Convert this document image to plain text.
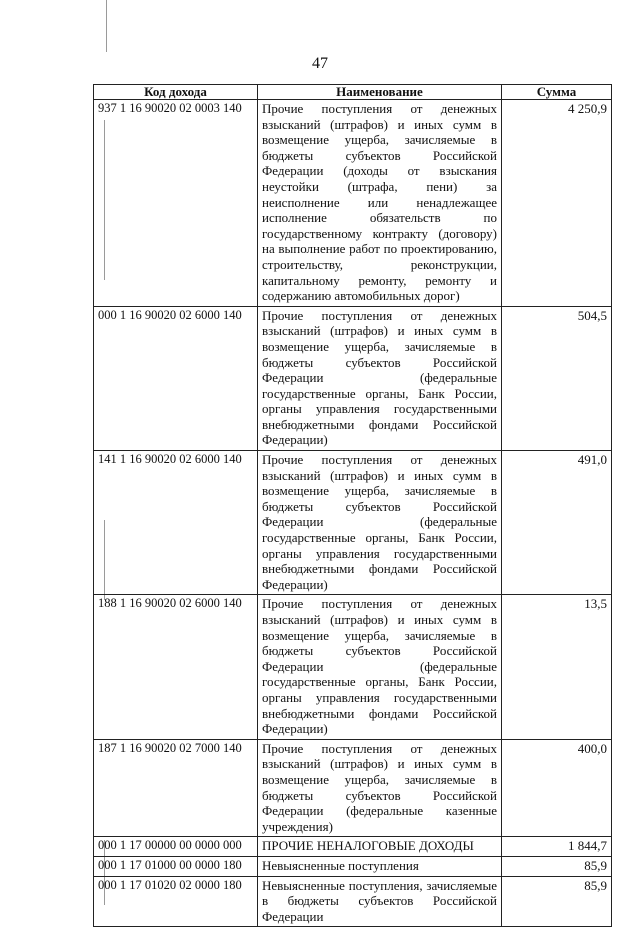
47
Код дохода	Наименование	Сумма
937 1 16 90020 02 0003 140	Прочие поступления от денежных взысканий (штрафов) и иных сумм в возмещение ущерба, зачисляемые в бюджеты субъектов Российской Федерации (доходы от взыскания неустойки (штрафа, пени) за неисполнение или ненадлежащее исполнение обязательств по государственному контракту (договору) на выполнение работ по проектированию, строительству, реконструкции, капитальному ремонту, ремонту и содержанию автомобильных дорог)	4 250,9
000 1 16 90020 02 6000 140	Прочие поступления от денежных взысканий (штрафов) и иных сумм в возмещение ущерба, зачисляемые в бюджеты субъектов Российской Федерации (федеральные государственные органы, Банк России, органы управления государственными внебюджетными фондами Российской Федерации)	504,5
141 1 16 90020 02 6000 140	Прочие поступления от денежных взысканий (штрафов) и иных сумм в возмещение ущерба, зачисляемые в бюджеты субъектов Российской Федерации (федеральные государственные органы, Банк России, органы управления государственными внебюджетными фондами Российской Федерации)	491,0
188 1 16 90020 02 6000 140	Прочие поступления от денежных взысканий (штрафов) и иных сумм в возмещение ущерба, зачисляемые в бюджеты субъектов Российской Федерации (федеральные государственные органы, Банк России, органы управления государственными внебюджетными фондами Российской Федерации)	13,5
187 1 16 90020 02 7000 140	Прочие поступления от денежных взысканий (штрафов) и иных сумм в возмещение ущерба, зачисляемые в бюджеты субъектов Российской Федерации (федеральные казенные учреждения)	400,0
000 1 17 00000 00 0000 000	ПРОЧИЕ НЕНАЛОГОВЫЕ ДОХОДЫ	1 844,7
000 1 17 01000 00 0000 180	Невыясненные поступления	85,9
000 1 17 01020 02 0000 180	Невыясненные поступления, зачисляемые в бюджеты субъектов Российской Федерации	85,9
